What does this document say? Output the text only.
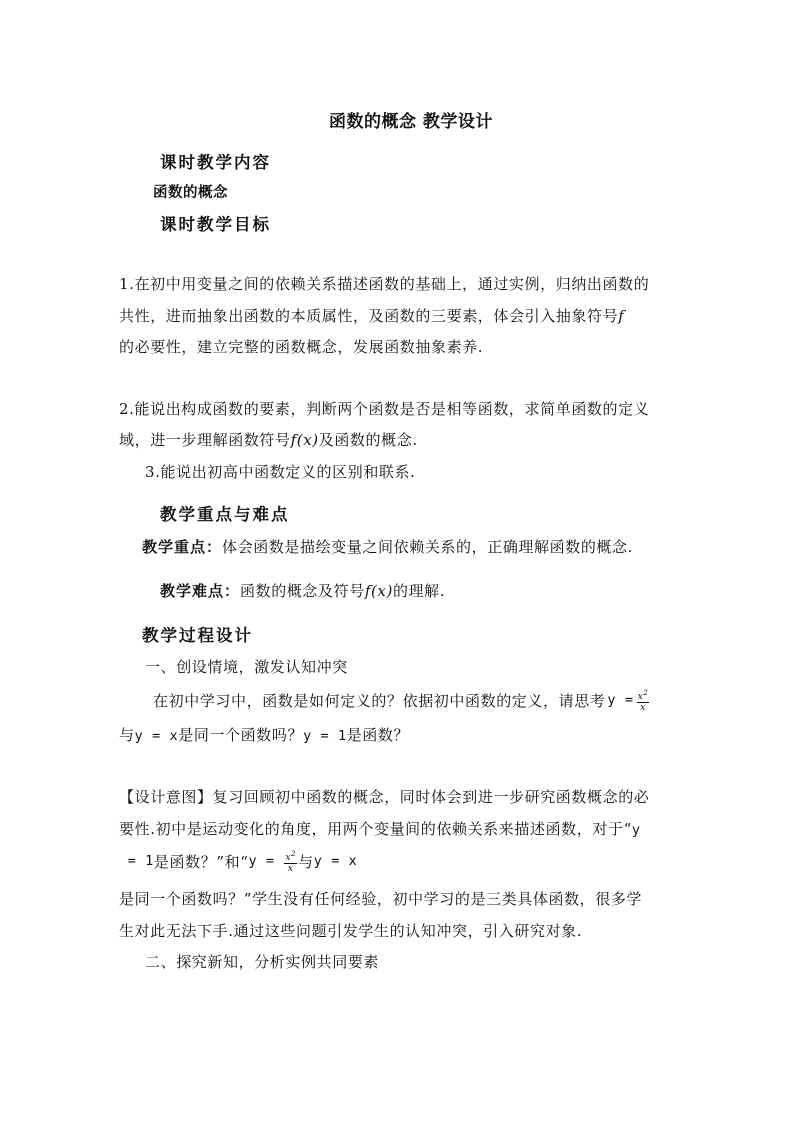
函数的概念 教学设计
课时教学内容
函数的概念
课时教学目标
1.在初中用变量之间的依赖关系描述函数的基础上，通过实例，归纳出函数的
共性，进而抽象出函数的本质属性，及函数的三要素，体会引入抽象符号f
的必要性，建立完整的函数概念，发展函数抽象素养.
2.能说出构成函数的要素，判断两个函数是否是相等函数，求简单函数的定义
域，进一步理解函数符号f(x)及函数的概念.
3.能说出初高中函数定义的区别和联系.
教学重点与难点
教学重点：体会函数是描绘变量之间依赖关系的，正确理解函数的概念.
教学难点：函数的概念及符号f(x)的理解.
教学过程设计
一、创设情境，激发认知冲突
在初中学习中，函数是如何定义的？依据初中函数的定义，请思考 $y = \frac{x^2}{x}$
与y = x是同一个函数吗？y = 1是函数？
【设计意图】复习回顾初中函数的概念，同时体会到进一步研究函数概念的必
要性.初中是运动变化的角度，用两个变量间的依赖关系来描述函数，对于“y
= 1 是函数？”和“ $y = \frac{x^2}{x}$ 与 y = x
是同一个函数吗？”学生没有任何经验，初中学习的是三类具体函数，很多学
生对此无法下手.通过这些问题引发学生的认知冲突，引入研究对象.
二、探究新知，分析实例共同要素
